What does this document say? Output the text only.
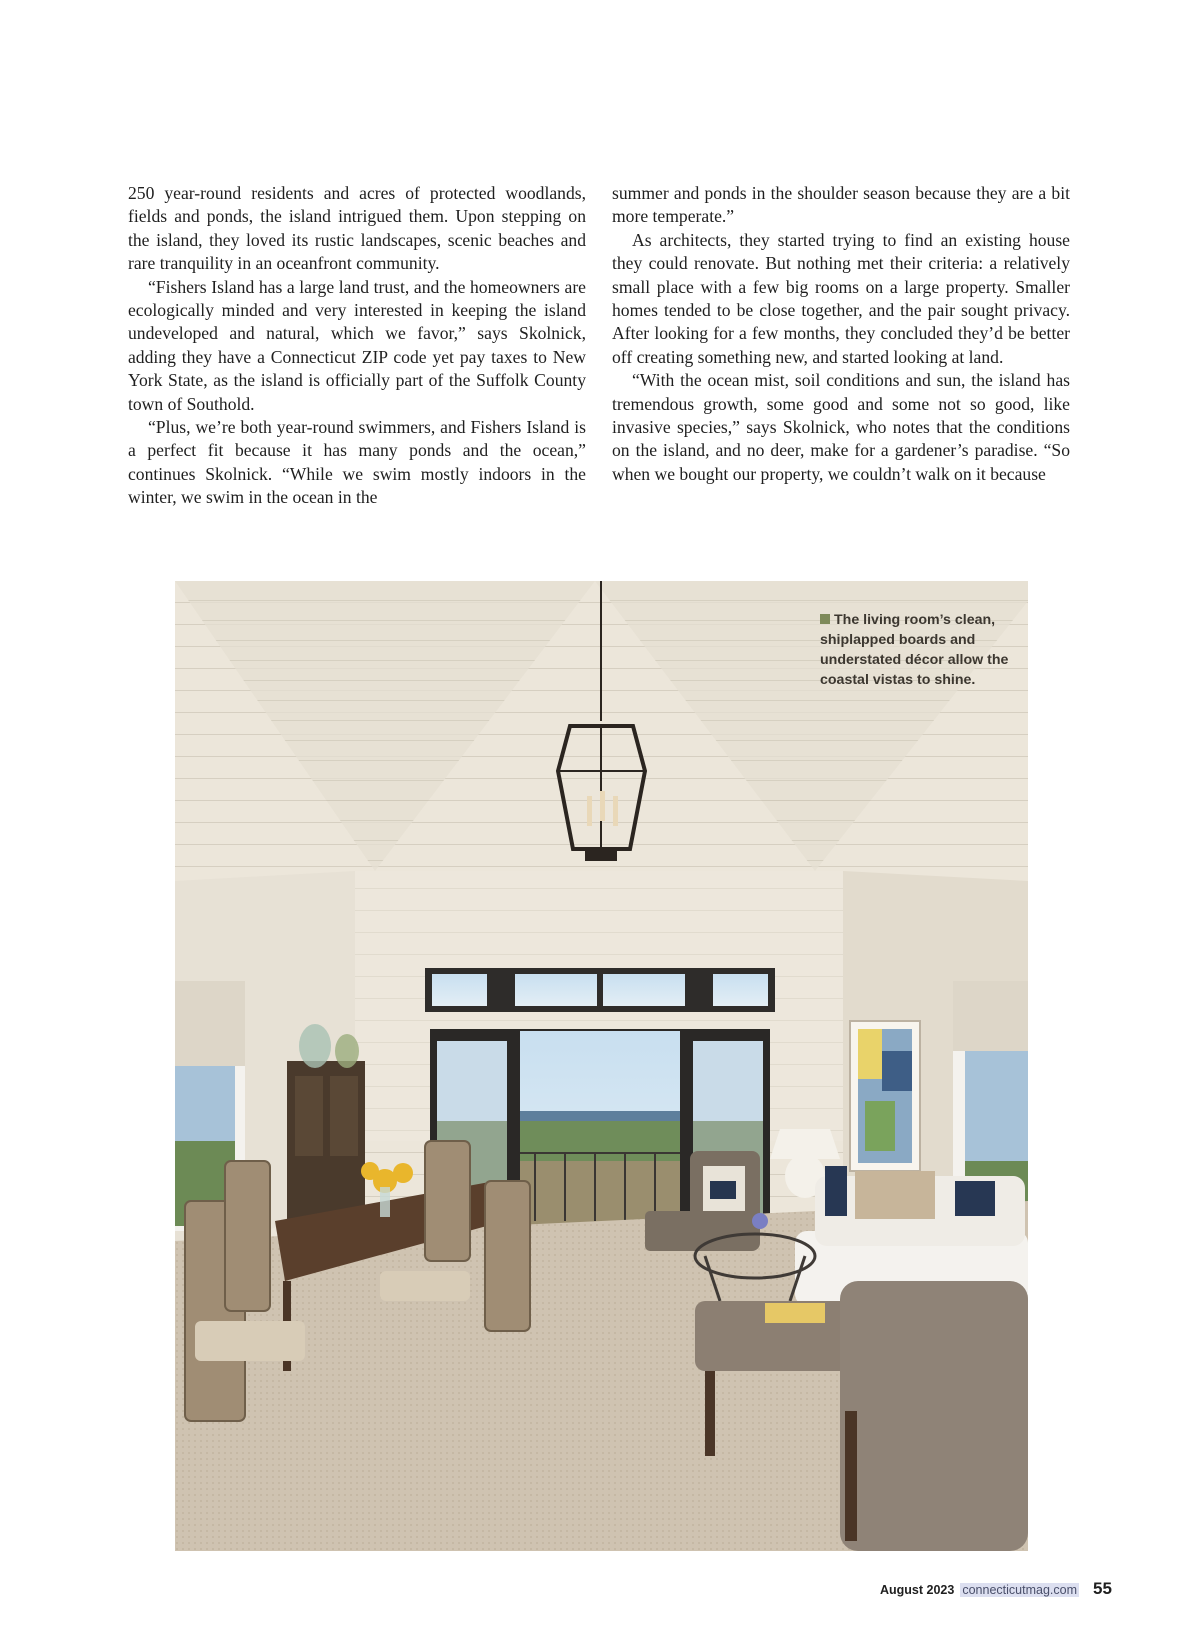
250 year-round residents and acres of protected woodlands, fields and ponds, the island intrigued them. Upon stepping on the island, they loved its rustic landscapes, scenic beaches and rare tranquility in an oceanfront community.

“Fishers Island has a large land trust, and the homeowners are ecologically minded and very interested in keeping the island undeveloped and natural, which we favor,” says Skolnick, adding they have a Connecticut ZIP code yet pay taxes to New York State, as the island is officially part of the Suffolk County town of Southold.

“Plus, we’re both year-round swimmers, and Fishers Island is a perfect fit because it has many ponds and the ocean,” continues Skolnick. “While we swim mostly indoors in the winter, we swim in the ocean in the

summer and ponds in the shoulder season because they are a bit more temperate.”

As architects, they started trying to find an existing house they could renovate. But nothing met their criteria: a relatively small place with a few big rooms on a large property. Smaller homes tended to be close together, and the pair sought privacy. After looking for a few months, they concluded they’d be better off creating something new, and started looking at land.

“With the ocean mist, soil conditions and sun, the island has tremendous growth, some good and some not so good, like invasive species,” says Skolnick, who notes that the conditions on the island, and no deer, make for a gardener’s paradise. “So when we bought our property, we couldn’t walk on it because

The living room’s clean, shiplapped boards and understated décor allow the coastal vistas to shine.
August 2023 connecticutmag.com 55
